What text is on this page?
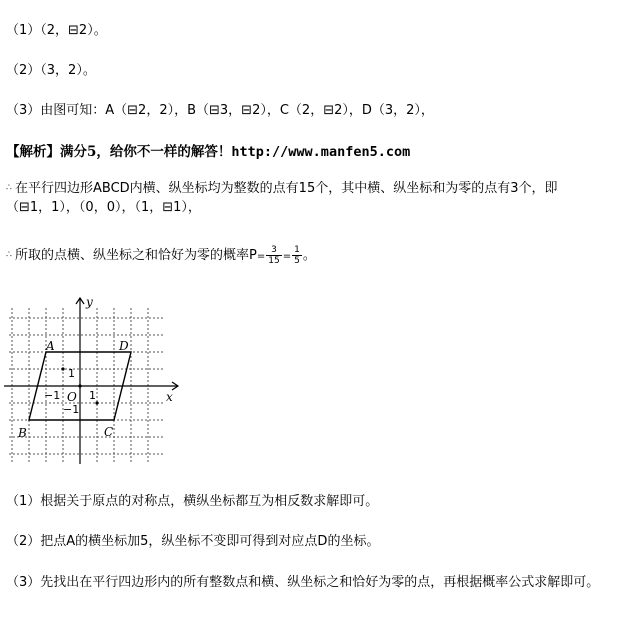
（1）（2，⊟2）。
（2）（3，2）。
（3）由图可知：A（⊟2，2），B（⊟3，⊟2），C（2，⊟2），D（3，2），
【解析】满分5，给你不一样的解答！http://www.manfen5.com
∴ 在平行四边形ABCD内横、纵坐标均为整数的点有15个，其中横、纵坐标和为零的点有3个，即
（⊟1，1），（0，0），（1，⊟1），
∴ 所取的点横、纵坐标之和恰好为零的概率$P= \frac{3}{15} = \frac{1}{5}$ 。
y
x
A	D
B	C
O
1
1
−1
−1
（1）根据关于原点的对称点，横纵坐标都互为相反数求解即可。
（2）把点A的横坐标加5，纵坐标不变即可得到对应点D的坐标。
（3）先找出在平行四边形内的所有整数点和横、纵坐标之和恰好为零的点，再根据概率公式求解即可。
